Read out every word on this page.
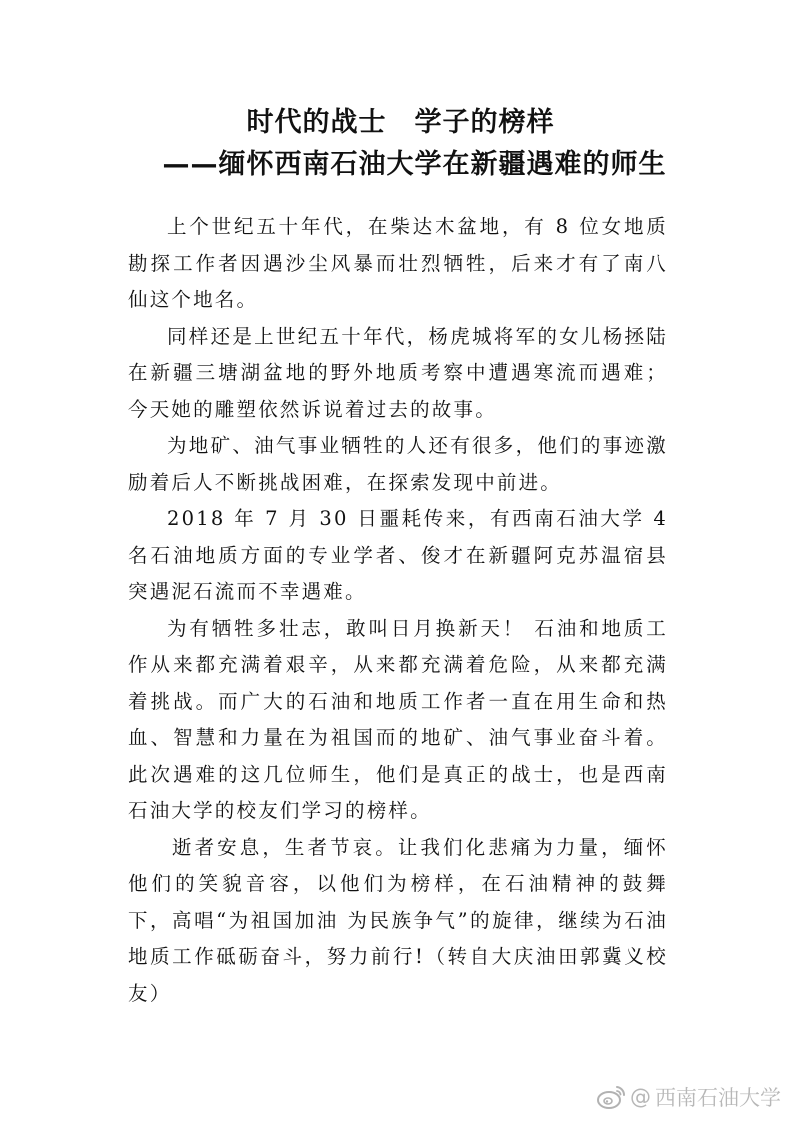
时代的战士　学子的榜样
——缅怀西南石油大学在新疆遇难的师生

上个世纪五十年代，在柴达木盆地，有 8 位女地质勘探工作者因遇沙尘风暴而壮烈牺牲，后来才有了南八仙这个地名。

同样还是上世纪五十年代，杨虎城将军的女儿杨拯陆在新疆三塘湖盆地的野外地质考察中遭遇寒流而遇难；今天她的雕塑依然诉说着过去的故事。

为地矿、油气事业牺牲的人还有很多，他们的事迹激励着后人不断挑战困难，在探索发现中前进。

2018 年 7 月 30 日噩耗传来，有西南石油大学 4 名石油地质方面的专业学者、俊才在新疆阿克苏温宿县突遇泥石流而不幸遇难。

为有牺牲多壮志，敢叫日月换新天！ 石油和地质工作从来都充满着艰辛，从来都充满着危险，从来都充满着挑战。而广大的石油和地质工作者一直在用生命和热血、智慧和力量在为祖国而的地矿、油气事业奋斗着。此次遇难的这几位师生，他们是真正的战士，也是西南石油大学的校友们学习的榜样。

逝者安息，生者节哀。让我们化悲痛为力量，缅怀他们的笑貌音容，以他们为榜样，在石油精神的鼓舞下，高唱“为祖国加油 为民族争气”的旋律，继续为石油地质工作砥砺奋斗，努力前行!（转自大庆油田郭冀义校友）

@ 西南石油大学
